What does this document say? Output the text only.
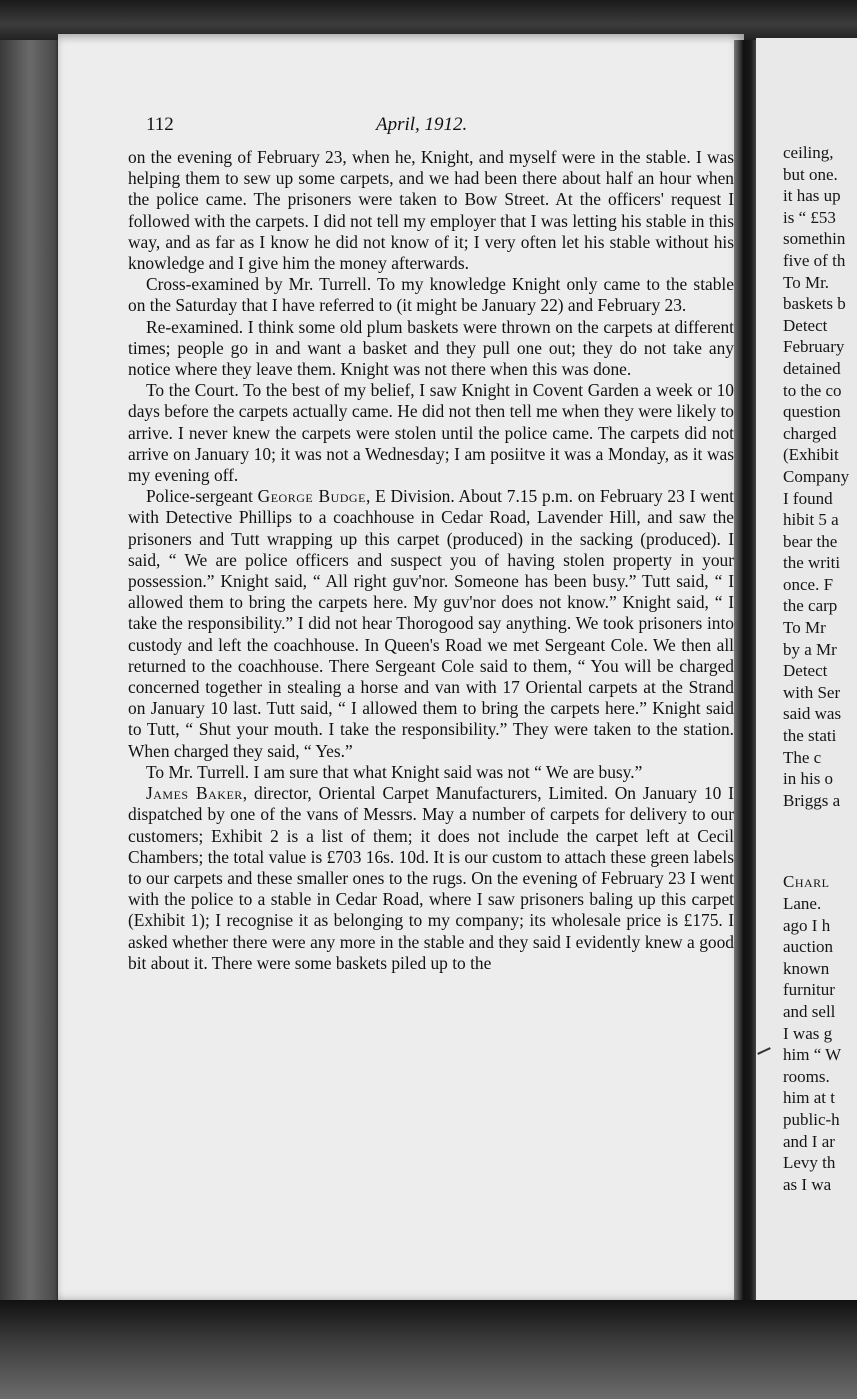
112	April, 1912.

on the evening of February 23, when he, Knight, and myself were in the stable. I was helping them to sew up some carpets, and we had been there about half an hour when the police came. The prisoners were taken to Bow Street. At the officers' request I followed with the carpets. I did not tell my employer that I was letting his stable in this way, and as far as I know he did not know of it; I very often let his stable without his knowledge and I give him the money afterwards.

Cross-examined by Mr. Turrell. To my knowledge Knight only came to the stable on the Saturday that I have referred to (it might be January 22) and February 23.

Re-examined. I think some old plum baskets were thrown on the carpets at different times; people go in and want a basket and they pull one out; they do not take any notice where they leave them. Knight was not there when this was done.

To the Court. To the best of my belief, I saw Knight in Covent Garden a week or 10 days before the carpets actually came. He did not then tell me when they were likely to arrive. I never knew the carpets were stolen until the police came. The carpets did not arrive on January 10; it was not a Wednesday; I am posiitve it was a Monday, as it was my evening off.

Police-sergeant George Budge, E Division. About 7.15 p.m. on February 23 I went with Detective Phillips to a coachhouse in Cedar Road, Lavender Hill, and saw the prisoners and Tutt wrapping up this carpet (produced) in the sacking (produced). I said, “ We are police officers and suspect you of having stolen property in your possession.” Knight said, “ All right guv'nor. Someone has been busy.” Tutt said, “ I allowed them to bring the carpets here. My guv'nor does not know.” Knight said, “ I take the responsibility.” I did not hear Thorogood say anything. We took prisoners into custody and left the coachhouse. In Queen's Road we met Sergeant Cole. We then all returned to the coachhouse. There Sergeant Cole said to them, “ You will be charged concerned together in stealing a horse and van with 17 Oriental carpets at the Strand on January 10 last. Tutt said, “ I allowed them to bring the carpets here.” Knight said to Tutt, “ Shut your mouth. I take the responsibility.” They were taken to the station. When charged they said, “ Yes.”

To Mr. Turrell. I am sure that what Knight said was not “ We are busy.”

James Baker, director, Oriental Carpet Manufacturers, Limited. On January 10 I dispatched by one of the vans of Messrs. May a number of carpets for delivery to our customers; Exhibit 2 is a list of them; it does not include the carpet left at Cecil Chambers; the total value is £703 16s. 10d. It is our custom to attach these green labels to our carpets and these smaller ones to the rugs. On the evening of February 23 I went with the police to a stable in Cedar Road, where I saw prisoners baling up this carpet (Exhibit 1); I recognise it as belonging to my company; its wholesale price is £175. I asked whether there were any more in the stable and they said I evidently knew a good bit about it. There were some baskets piled up to the

ceiling,
but one.
it has up
is “ £53
somethin
five of th
To Mr.
baskets b
Detect
February
detained
to the co
question
charged
(Exhibit
Company
I found
hibit 5 a
bear the
the writi
once. F
the carp
To Mr
by a Mr
Detect
with Ser
said was
the stati
The c
in his o
Briggs a
Charl
Lane.
ago I h
auction
known
furnitur
and sell
I was g
him “ W
rooms.
him at t
public-h
and I ar
Levy th
as I wa
